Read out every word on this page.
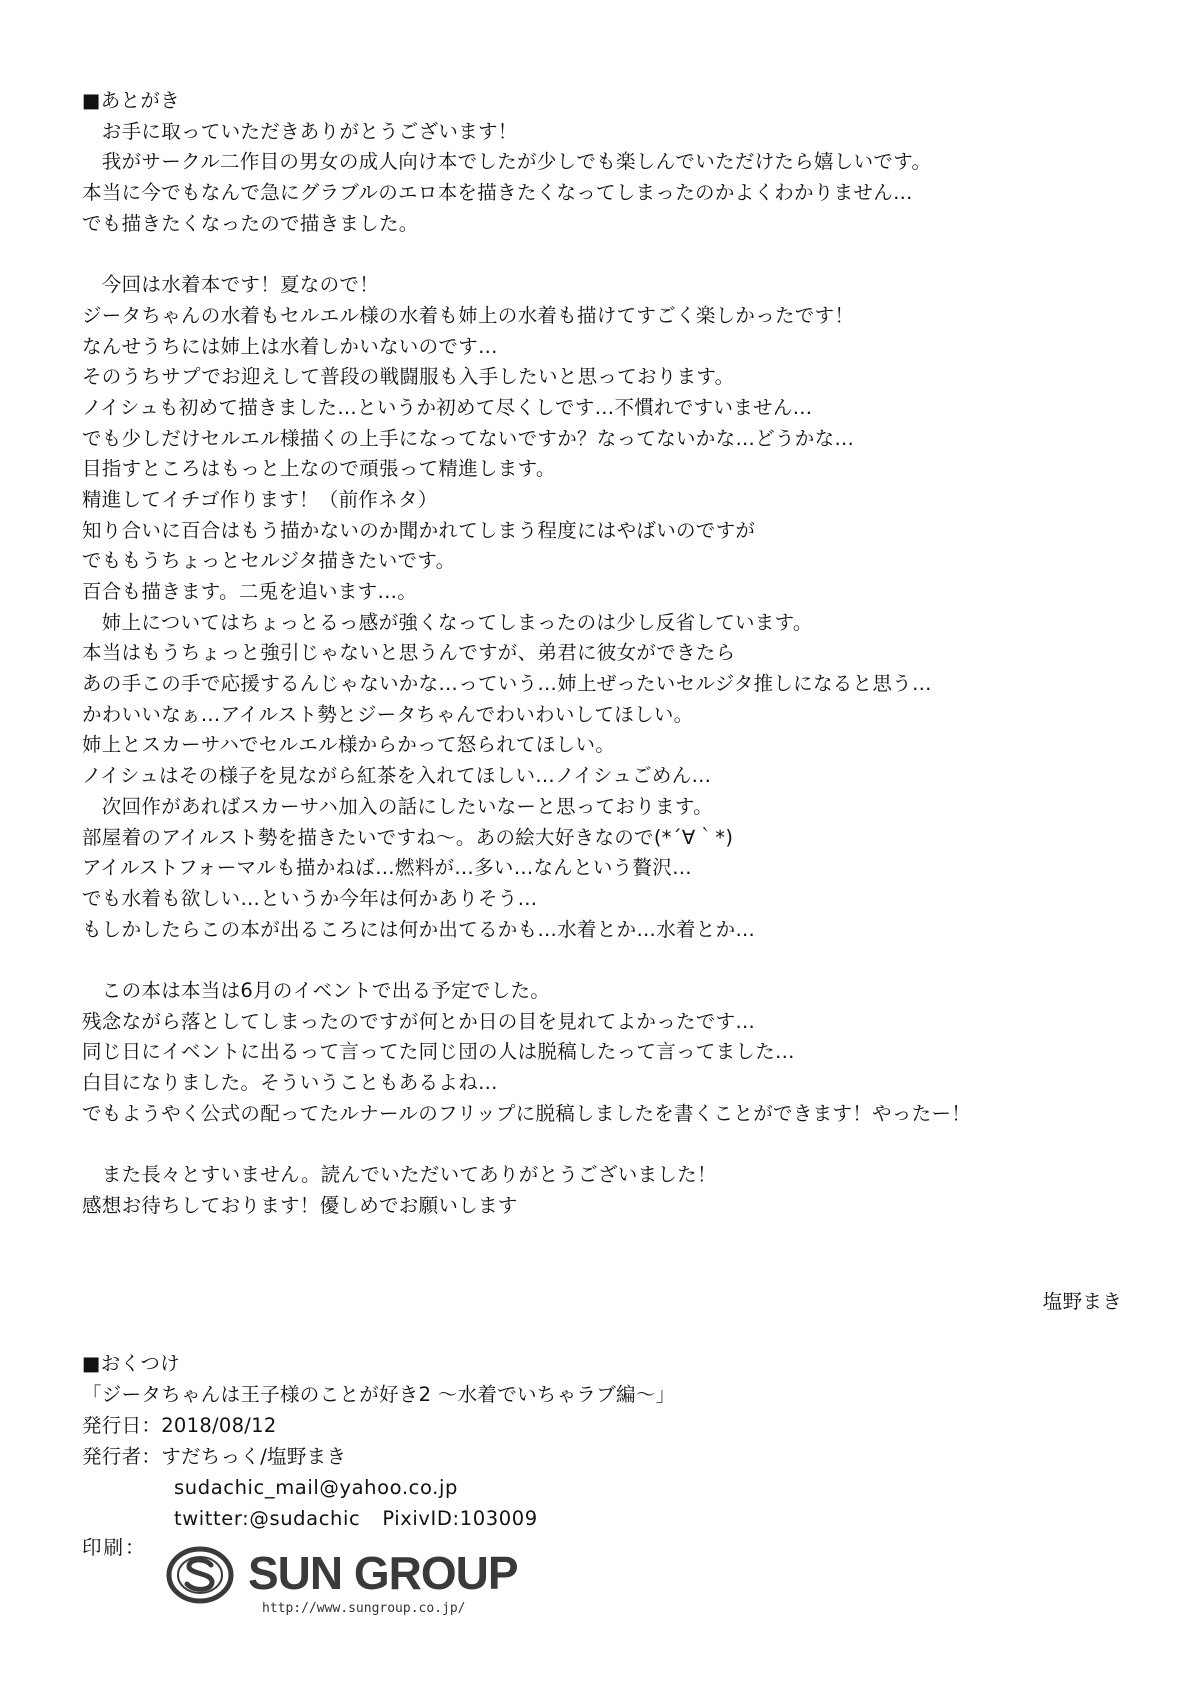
■あとがき
　お手に取っていただきありがとうございます！
　我がサークル二作目の男女の成人向け本でしたが少しでも楽しんでいただけたら嬉しいです。
本当に今でもなんで急にグラブルのエロ本を描きたくなってしまったのかよくわかりません…
でも描きたくなったので描きました。
　今回は水着本です！夏なので！
ジータちゃんの水着もセルエル様の水着も姉上の水着も描けてすごく楽しかったです！
なんせうちには姉上は水着しかいないのです…
そのうちサプでお迎えして普段の戦闘服も入手したいと思っております。
ノイシュも初めて描きました…というか初めて尽くしです…不慣れですいません…
でも少しだけセルエル様描くの上手になってないですか？なってないかな…どうかな…
目指すところはもっと上なので頑張って精進します。
精進してイチゴ作ります！（前作ネタ）
知り合いに百合はもう描かないのか聞かれてしまう程度にはやばいのですが
でももうちょっとセルジタ描きたいです。
百合も描きます。二兎を追います…。
　姉上についてはちょっとるっ感が強くなってしまったのは少し反省しています。
本当はもうちょっと強引じゃないと思うんですが、弟君に彼女ができたら
あの手この手で応援するんじゃないかな…っていう…姉上ぜったいセルジタ推しになると思う…
かわいいなぁ…アイルスト勢とジータちゃんでわいわいしてほしい。
姉上とスカーサハでセルエル様からかって怒られてほしい。
ノイシュはその様子を見ながら紅茶を入れてほしい…ノイシュごめん…
　次回作があればスカーサハ加入の話にしたいなーと思っております。
部屋着のアイルスト勢を描きたいですね～。あの絵大好きなので(*´∀｀*)
アイルストフォーマルも描かねば…燃料が…多い…なんという贅沢…
でも水着も欲しい…というか今年は何かありそう…
もしかしたらこの本が出るころには何か出てるかも…水着とか…水着とか…
　この本は本当は6月のイベントで出る予定でした。
残念ながら落としてしまったのですが何とか日の目を見れてよかったです…
同じ日にイベントに出るって言ってた同じ団の人は脱稿したって言ってました…
白目になりました。そういうこともあるよね…
でもようやく公式の配ってたルナールのフリップに脱稿しましたを書くことができます！やったー！
　また長々とすいません。読んでいただいてありがとうございました！
感想お待ちしております！優しめでお願いします
塩野まき
■おくつけ
「ジータちゃんは王子様のことが好き2 ～水着でいちゃラブ編～」
発行日：2018/08/12
発行者：すだちっく/塩野まき
sudachic_mail@yahoo.co.jp
twitter:@sudachic PixivID:103009
印刷： SUN GROUP
http://www.sungroup.co.jp/
